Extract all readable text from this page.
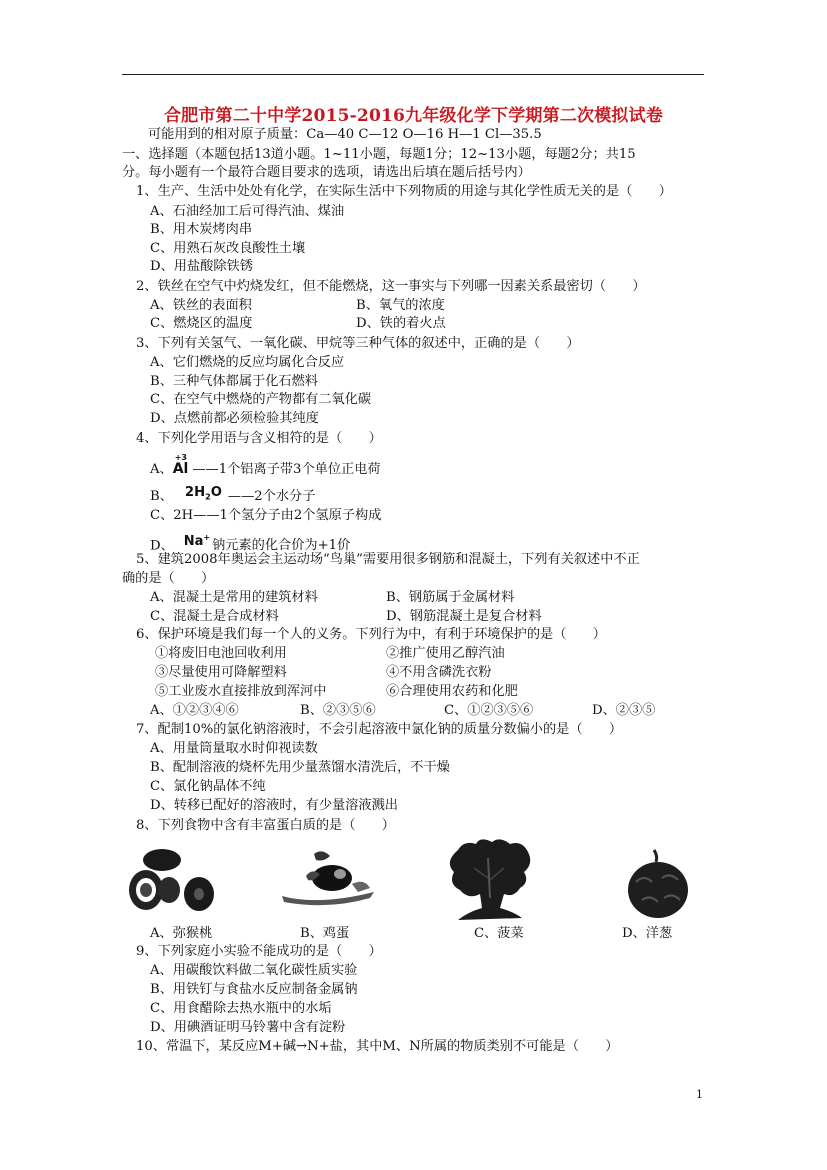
合肥市第二十中学2015-2016九年级化学下学期第二次模拟试卷
可能用到的相对原子质量：Ca—40 C—12 O—16 H—1 Cl—35.5
一、选择题（本题包括13道小题。1~11小题，每题1分；12~13小题，每题2分；共15
分。每小题有一个最符合题目要求的选项，请选出后填在题后括号内）
1、生产、生活中处处有化学，在实际生活中下列物质的用途与其化学性质无关的是（　　）
A、石油经加工后可得汽油、煤油
B、用木炭烤肉串
C、用熟石灰改良酸性土壤
D、用盐酸除铁锈
2、铁丝在空气中灼烧发红，但不能燃烧，这一事实与下列哪一因素关系最密切（　　）
A、铁丝的表面积	B、氧气的浓度
C、燃烧区的温度	D、铁的着火点
3、下列有关氢气、一氧化碳、甲烷等三种气体的叙述中，正确的是（　　）
A、它们燃烧的反应均属化合反应
B、三种气体都属于化石燃料
C、在空气中燃烧的产物都有二氧化碳
D、点燃前都必须检验其纯度
4、下列化学用语与含义相符的是（　　）
A、
+3
Al ——1个铝离子带3个单位正电荷
B、 $2H_2O$ ——2个水分子
C、2H——1个氢分子由2个氢原子构成
D、 Na+钠元素的化合价为+1价
5、建筑2008年奥运会主运动场“鸟巢”需要用很多钢筋和混凝土，下列有关叙述中不正
确的是（　　）
A、混凝土是常用的建筑材料	B、钢筋属于金属材料
C、混凝土是合成材料	D、钢筋混凝土是复合材料
6、保护环境是我们每一个人的义务。下列行为中，有利于环境保护的是（　　）
①将废旧电池回收利用	②推广使用乙醇汽油
③尽量使用可降解塑料	④不用含磷洗衣粉
⑤工业废水直接排放到浑河中	⑥合理使用农药和化肥
A、①②③④⑥	B、②③⑤⑥	C、①②③⑤⑥	D、②③⑤
7、配制10%的氯化钠溶液时，不会引起溶液中氯化钠的质量分数偏小的是（　　）
A、用量筒量取水时仰视读数
B、配制溶液的烧杯先用少量蒸馏水清洗后，不干燥
C、氯化钠晶体不纯
D、转移已配好的溶液时，有少量溶液溅出
8、下列食物中含有丰富蛋白质的是（　　）
A、弥猴桃	B、鸡蛋	C、菠菜	D、洋葱
9、下列家庭小实验不能成功的是（　　）
A、用碳酸饮料做二氧化碳性质实验
B、用铁钉与食盐水反应制备金属钠
C、用食醋除去热水瓶中的水垢
D、用碘酒证明马铃薯中含有淀粉
10、常温下，某反应M+碱→N+盐，其中M、N所属的物质类别不可能是（　　）
1
